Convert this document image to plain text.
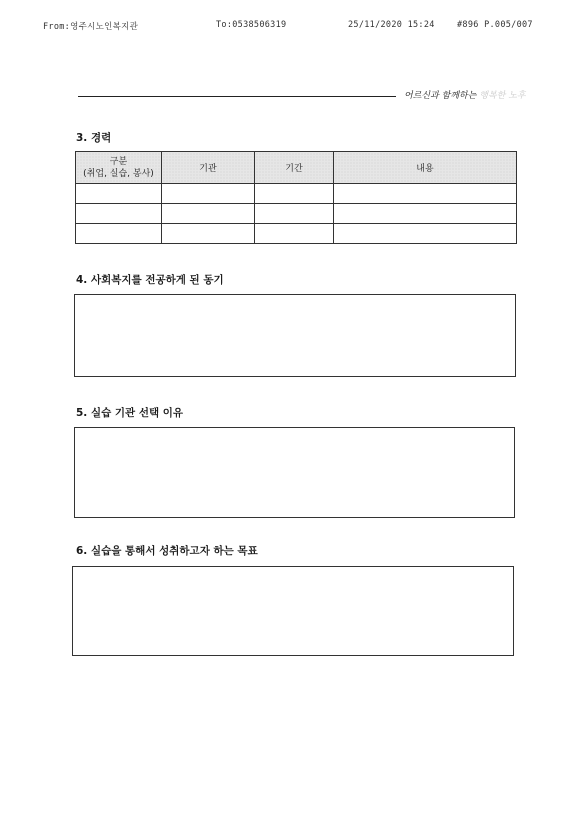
From:영주시노인복지관	To:0538506319	25/11/2020 15:24	#896 P.005/007
어르신과 함께하는 행복한 노후
3. 경력
구분
(취업, 실습, 봉사)	기관	기간	내용

4. 사회복지를 전공하게 된 동기
5. 실습 기관 선택 이유
6. 실습을 통해서 성취하고자 하는 목표
